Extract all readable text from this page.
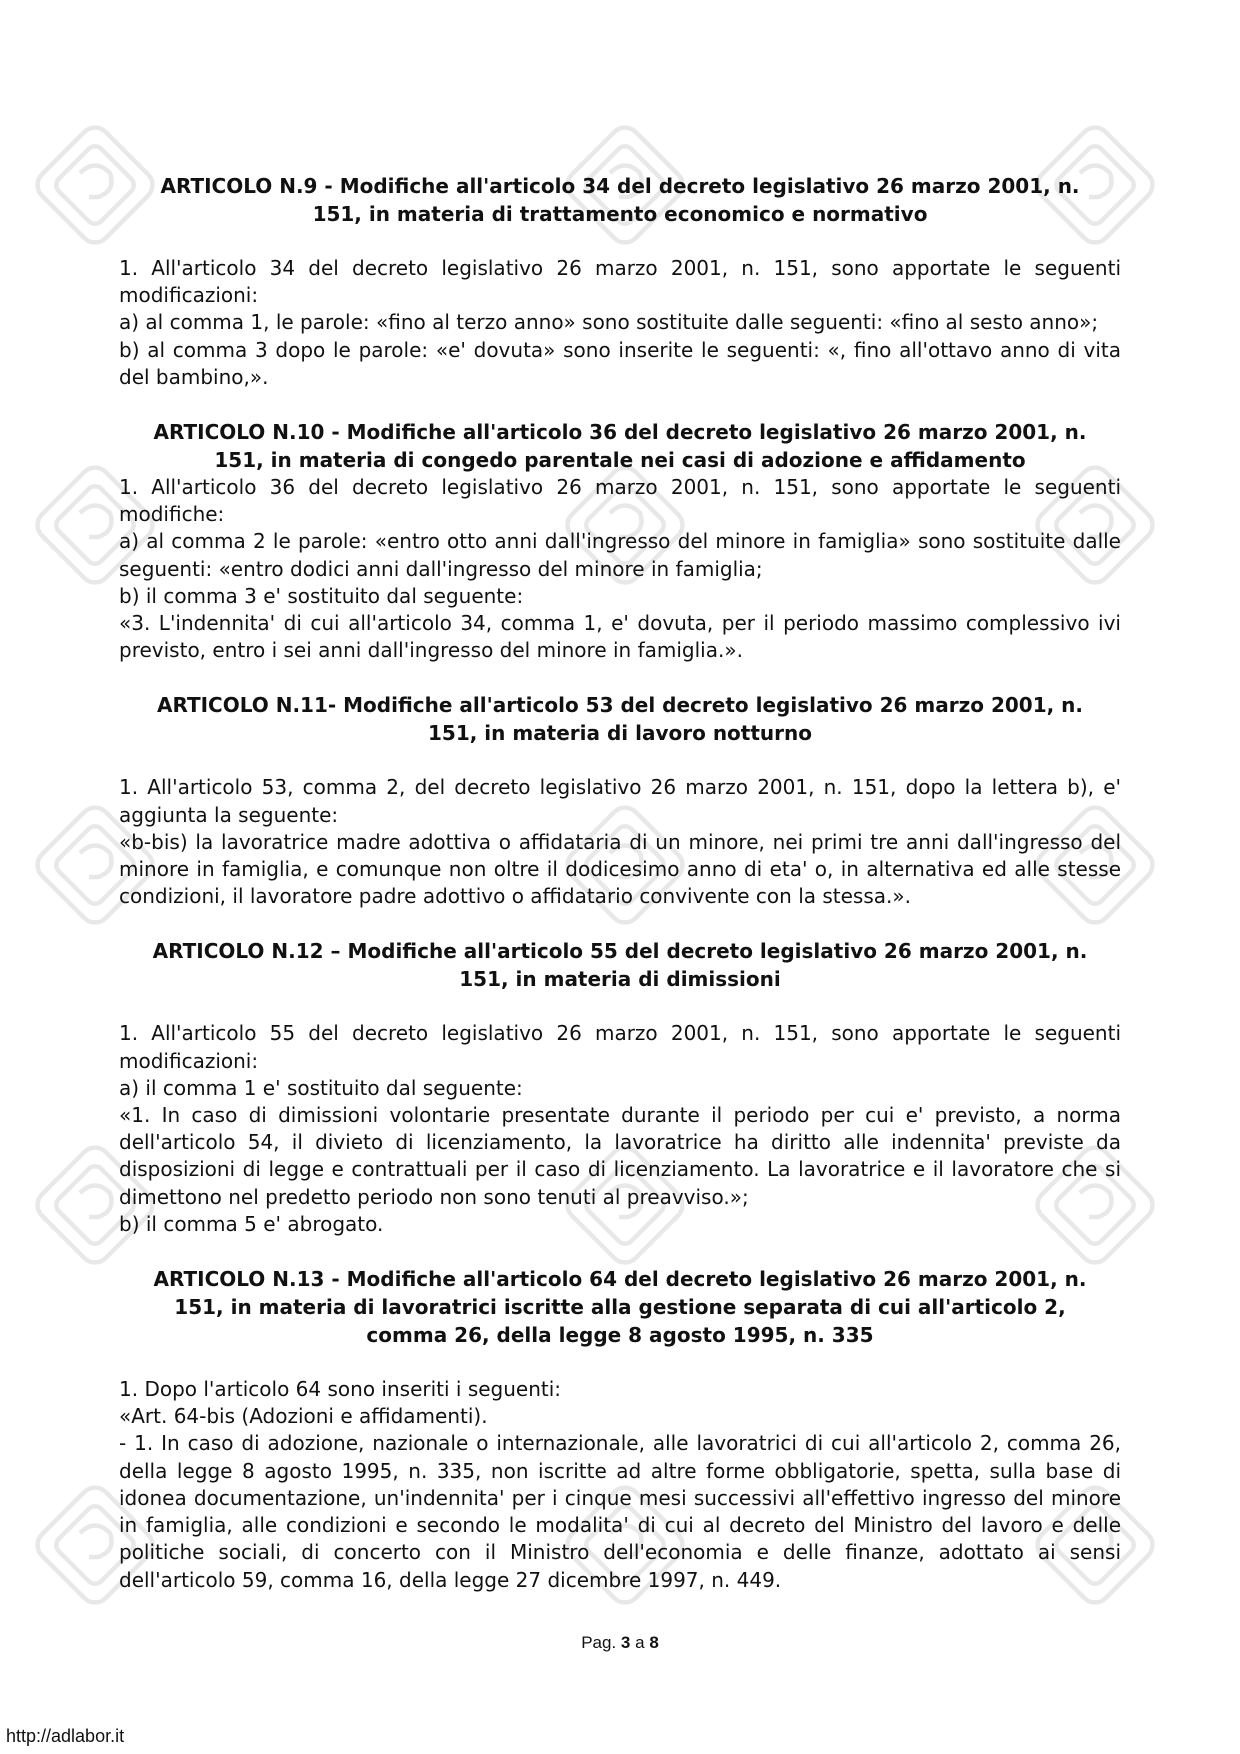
ARTICOLO N.9 - Modifiche all'articolo 34 del decreto legislativo 26 marzo 2001, n.
151, in materia di trattamento economico e normativo

1. All'articolo 34 del decreto legislativo 26 marzo 2001, n. 151, sono apportate le seguenti modificazioni:

a) al comma 1, le parole: «fino al terzo anno» sono sostituite dalle seguenti: «fino al sesto anno»;

b) al comma 3 dopo le parole: «e' dovuta» sono inserite le seguenti: «, fino all'ottavo anno di vita del bambino,».

ARTICOLO N.10 - Modifiche all'articolo 36 del decreto legislativo 26 marzo 2001, n.
151, in materia di congedo parentale nei casi di adozione e affidamento

1. All'articolo 36 del decreto legislativo 26 marzo 2001, n. 151, sono apportate le seguenti modifiche:

a) al comma 2 le parole: «entro otto anni dall'ingresso del minore in famiglia» sono sostituite dalle seguenti: «entro dodici anni dall'ingresso del minore in famiglia;

b) il comma 3 e' sostituito dal seguente:

«3. L'indennita' di cui all'articolo 34, comma 1, e' dovuta, per il periodo massimo complessivo ivi previsto, entro i sei anni dall'ingresso del minore in famiglia.».

ARTICOLO N.11- Modifiche all'articolo 53 del decreto legislativo 26 marzo 2001, n.
151, in materia di lavoro notturno

1. All'articolo 53, comma 2, del decreto legislativo 26 marzo 2001, n. 151, dopo la lettera b), e' aggiunta la seguente:

«b-bis) la lavoratrice madre adottiva o affidataria di un minore, nei primi tre anni dall'ingresso del minore in famiglia, e comunque non oltre il dodicesimo anno di eta' o, in alternativa ed alle stesse condizioni, il lavoratore padre adottivo o affidatario convivente con la stessa.».

ARTICOLO N.12 – Modifiche all'articolo 55 del decreto legislativo 26 marzo 2001, n.
151, in materia di dimissioni

1. All'articolo 55 del decreto legislativo 26 marzo 2001, n. 151, sono apportate le seguenti modificazioni:

a) il comma 1 e' sostituito dal seguente:

«1. In caso di dimissioni volontarie presentate durante il periodo per cui e' previsto, a norma dell'articolo 54, il divieto di licenziamento, la lavoratrice ha diritto alle indennita' previste da disposizioni di legge e contrattuali per il caso di licenziamento. La lavoratrice e il lavoratore che si dimettono nel predetto periodo non sono tenuti al preavviso.»;

b) il comma 5 e' abrogato.

ARTICOLO N.13 - Modifiche all'articolo 64 del decreto legislativo 26 marzo 2001, n.
151, in materia di lavoratrici iscritte alla gestione separata di cui all'articolo 2,
comma 26, della legge 8 agosto 1995, n. 335

1. Dopo l'articolo 64 sono inseriti i seguenti:

«Art. 64-bis (Adozioni e affidamenti).

- 1. In caso di adozione, nazionale o internazionale, alle lavoratrici di cui all'articolo 2, comma 26, della legge 8 agosto 1995, n. 335, non iscritte ad altre forme obbligatorie, spetta, sulla base di idonea documentazione, un'indennita' per i cinque mesi successivi all'effettivo ingresso del minore in famiglia, alle condizioni e secondo le modalita' di cui al decreto del Ministro del lavoro e delle politiche sociali, di concerto con il Ministro dell'economia e delle finanze, adottato ai sensi dell'articolo 59, comma 16, della legge 27 dicembre 1997, n. 449.

Pag. 3 a 8
http://adlabor.it
